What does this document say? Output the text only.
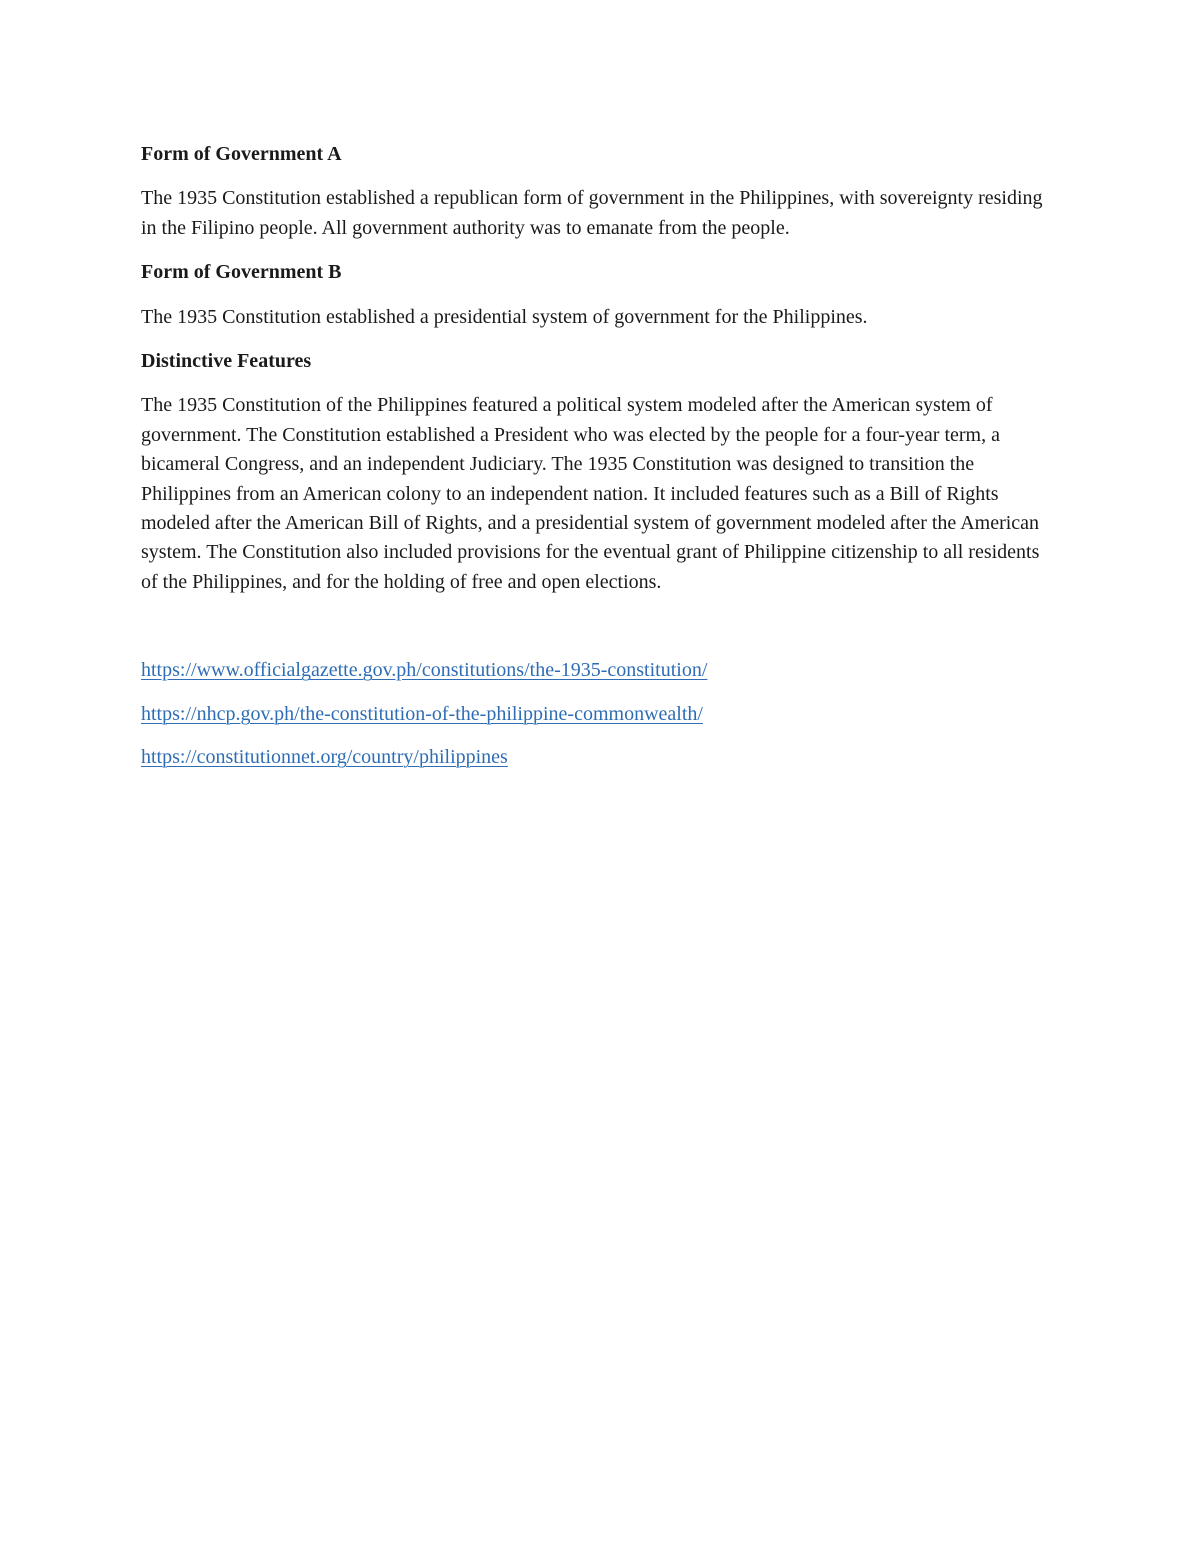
Form of Government A
The 1935 Constitution established a republican form of government in the Philippines, with sovereignty residing in the Filipino people. All government authority was to emanate from the people.
Form of Government B
The 1935 Constitution established a presidential system of government for the Philippines.
Distinctive Features
The 1935 Constitution of the Philippines featured a political system modeled after the American system of government. The Constitution established a President who was elected by the people for a four-year term, a bicameral Congress, and an independent Judiciary. The 1935 Constitution was designed to transition the Philippines from an American colony to an independent nation. It included features such as a Bill of Rights modeled after the American Bill of Rights, and a presidential system of government modeled after the American system. The Constitution also included provisions for the eventual grant of Philippine citizenship to all residents of the Philippines, and for the holding of free and open elections.
https://www.officialgazette.gov.ph/constitutions/the-1935-constitution/
https://nhcp.gov.ph/the-constitution-of-the-philippine-commonwealth/
https://constitutionnet.org/country/philippines
